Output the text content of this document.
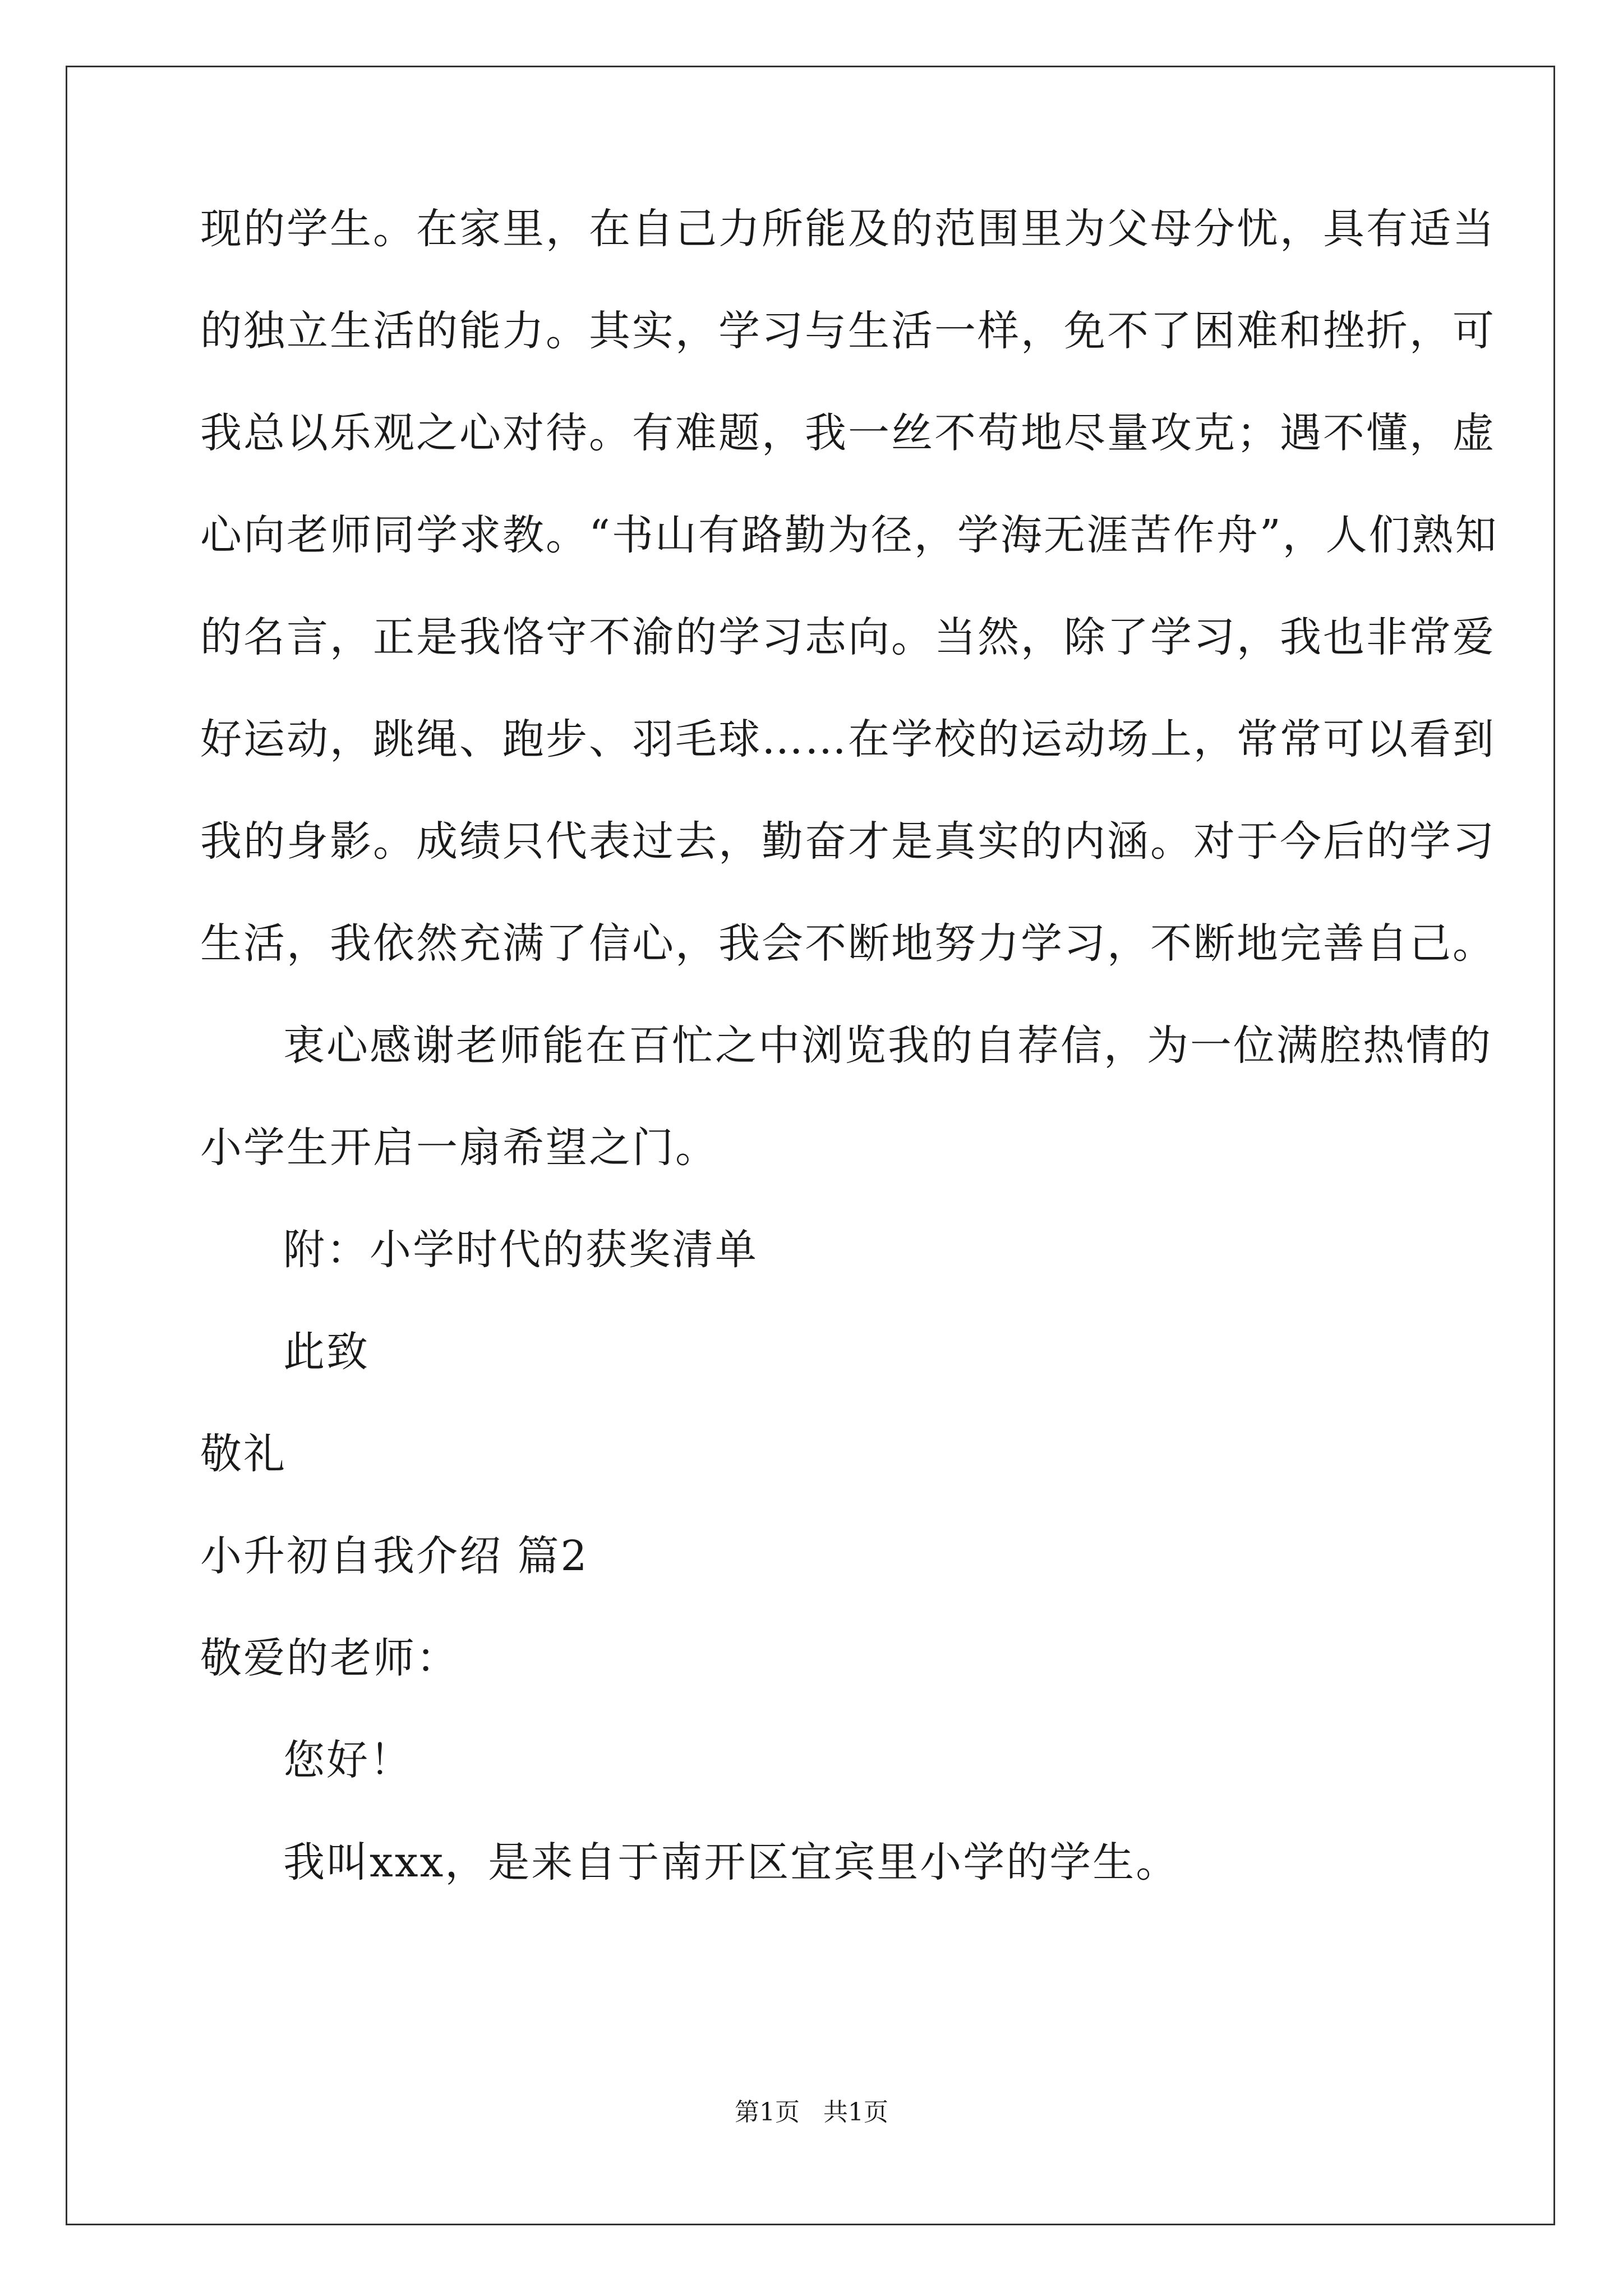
现的学生。在家里，在自己力所能及的范围里为父母分忧，具有适当

的独立生活的能力。其实，学习与生活一样，免不了困难和挫折，可

我总以乐观之心对待。有难题，我一丝不苟地尽量攻克；遇不懂，虚

心向老师同学求教。“书山有路勤为径，学海无涯苦作舟”，人们熟知

的名言，正是我恪守不渝的学习志向。当然，除了学习，我也非常爱

好运动，跳绳、跑步、羽毛球……在学校的运动场上，常常可以看到

我的身影。成绩只代表过去，勤奋才是真实的内涵。对于今后的学习

生活，我依然充满了信心，我会不断地努力学习，不断地完善自己。

衷心感谢老师能在百忙之中浏览我的自荐信，为一位满腔热情的

小学生开启一扇希望之门。

附：小学时代的获奖清单

此致

敬礼

小升初自我介绍 篇2

敬爱的老师：

您好！

我叫xxx，是来自于南开区宜宾里小学的学生。

第1页   共1页
